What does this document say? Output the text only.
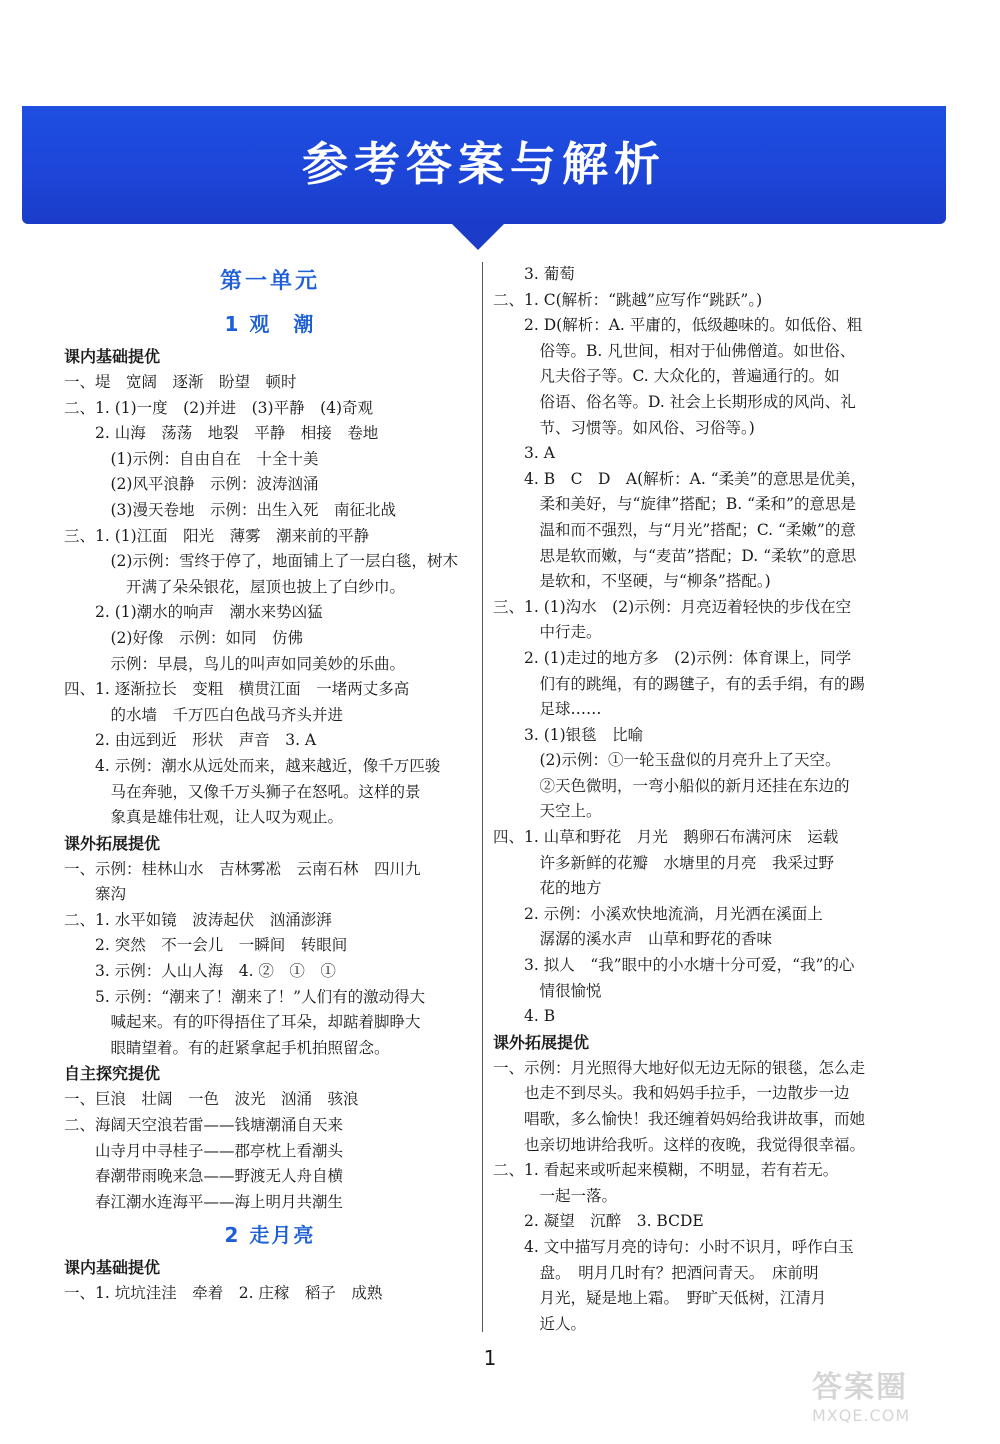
参考答案与解析
第一单元
1 观　潮
课内基础提优
一、堤　宽阔　逐渐　盼望　顿时
二、1. (1)一度　(2)并进　(3)平静　(4)奇观
　　2. 山海　荡荡　地裂　平静　相接　卷地
　　　(1)示例：自由自在　十全十美
　　　(2)风平浪静　示例：波涛汹涌
　　　(3)漫天卷地　示例：出生入死　南征北战
三、1. (1)江面　阳光　薄雾　潮来前的平静
　　　(2)示例：雪终于停了，地面铺上了一层白毯，树木
　　　　开满了朵朵银花，屋顶也披上了白纱巾。
　　2. (1)潮水的响声　潮水来势凶猛
　　　(2)好像　示例：如同　仿佛
　　　示例：早晨，鸟儿的叫声如同美妙的乐曲。
四、1. 逐渐拉长　变粗　横贯江面　一堵两丈多高
　　　的水墙　千万匹白色战马齐头并进
　　2. 由远到近　形状　声音　3. A
　　4. 示例：潮水从远处而来，越来越近，像千万匹骏
　　　马在奔驰，又像千万头狮子在怒吼。这样的景
　　　象真是雄伟壮观，让人叹为观止。
课外拓展提优
一、示例：桂林山水　吉林雾凇　云南石林　四川九
　　寨沟
二、1. 水平如镜　波涛起伏　汹涌澎湃
　　2. 突然　不一会儿　一瞬间　转眼间
　　3. 示例：人山人海　4. ②　①　①
　　5. 示例：“潮来了！潮来了！”人们有的激动得大
　　　喊起来。有的吓得捂住了耳朵，却踮着脚睁大
　　　眼睛望着。有的赶紧拿起手机拍照留念。
自主探究提优
一、巨浪　壮阔　一色　波光　汹涌　骇浪
二、海阔天空浪若雷——钱塘潮涌自天来
　　山寺月中寻桂子——郡亭枕上看潮头
　　春潮带雨晚来急——野渡无人舟自横
　　春江潮水连海平——海上明月共潮生
2 走月亮
课内基础提优
一、1. 坑坑洼洼　牵着　2. 庄稼　稻子　成熟
　　3. 葡萄
二、1. C(解析：“跳越”应写作“跳跃”。)
　　2. D(解析：A. 平庸的，低级趣味的。如低俗、粗
　　　俗等。B. 凡世间，相对于仙佛僧道。如世俗、
　　　凡夫俗子等。C. 大众化的，普遍通行的。如
　　　俗语、俗名等。D. 社会上长期形成的风尚、礼
　　　节、习惯等。如风俗、习俗等。)
　　3. A
　　4. B　C　D　A(解析：A. “柔美”的意思是优美，
　　　柔和美好，与“旋律”搭配；B. “柔和”的意思是
　　　温和而不强烈，与“月光”搭配；C. “柔嫩”的意
　　　思是软而嫩，与“麦苗”搭配；D. “柔软”的意思
　　　是软和，不坚硬，与“柳条”搭配。)
三、1. (1)沟水　(2)示例：月亮迈着轻快的步伐在空
　　　中行走。
　　2. (1)走过的地方多　(2)示例：体育课上，同学
　　　们有的跳绳，有的踢毽子，有的丢手绢，有的踢
　　　足球……
　　3. (1)银毯　比喻
　　　(2)示例：①一轮玉盘似的月亮升上了天空。
　　　②天色微明，一弯小船似的新月还挂在东边的
　　　天空上。
四、1. 山草和野花　月光　鹅卵石布满河床　运载
　　　许多新鲜的花瓣　水塘里的月亮　我采过野
　　　花的地方
　　2. 示例：小溪欢快地流淌，月光洒在溪面上
　　　潺潺的溪水声　山草和野花的香味
　　3. 拟人　“我”眼中的小水塘十分可爱，“我”的心
　　　情很愉悦
　　4. B
课外拓展提优
一、示例：月光照得大地好似无边无际的银毯，怎么走
　　也走不到尽头。我和妈妈手拉手，一边散步一边
　　唱歌，多么愉快！我还缠着妈妈给我讲故事，而她
　　也亲切地讲给我听。这样的夜晚，我觉得很幸福。
二、1. 看起来或听起来模糊，不明显，若有若无。
　　　一起一落。
　　2. 凝望　沉醉　3. BCDE
　　4. 文中描写月亮的诗句：小时不识月，呼作白玉
　　　盘。　明月几时有？把酒问青天。　床前明
　　　月光，疑是地上霜。　野旷天低树，江清月
　　　近人。
1
答案圈
MXQE.COM
